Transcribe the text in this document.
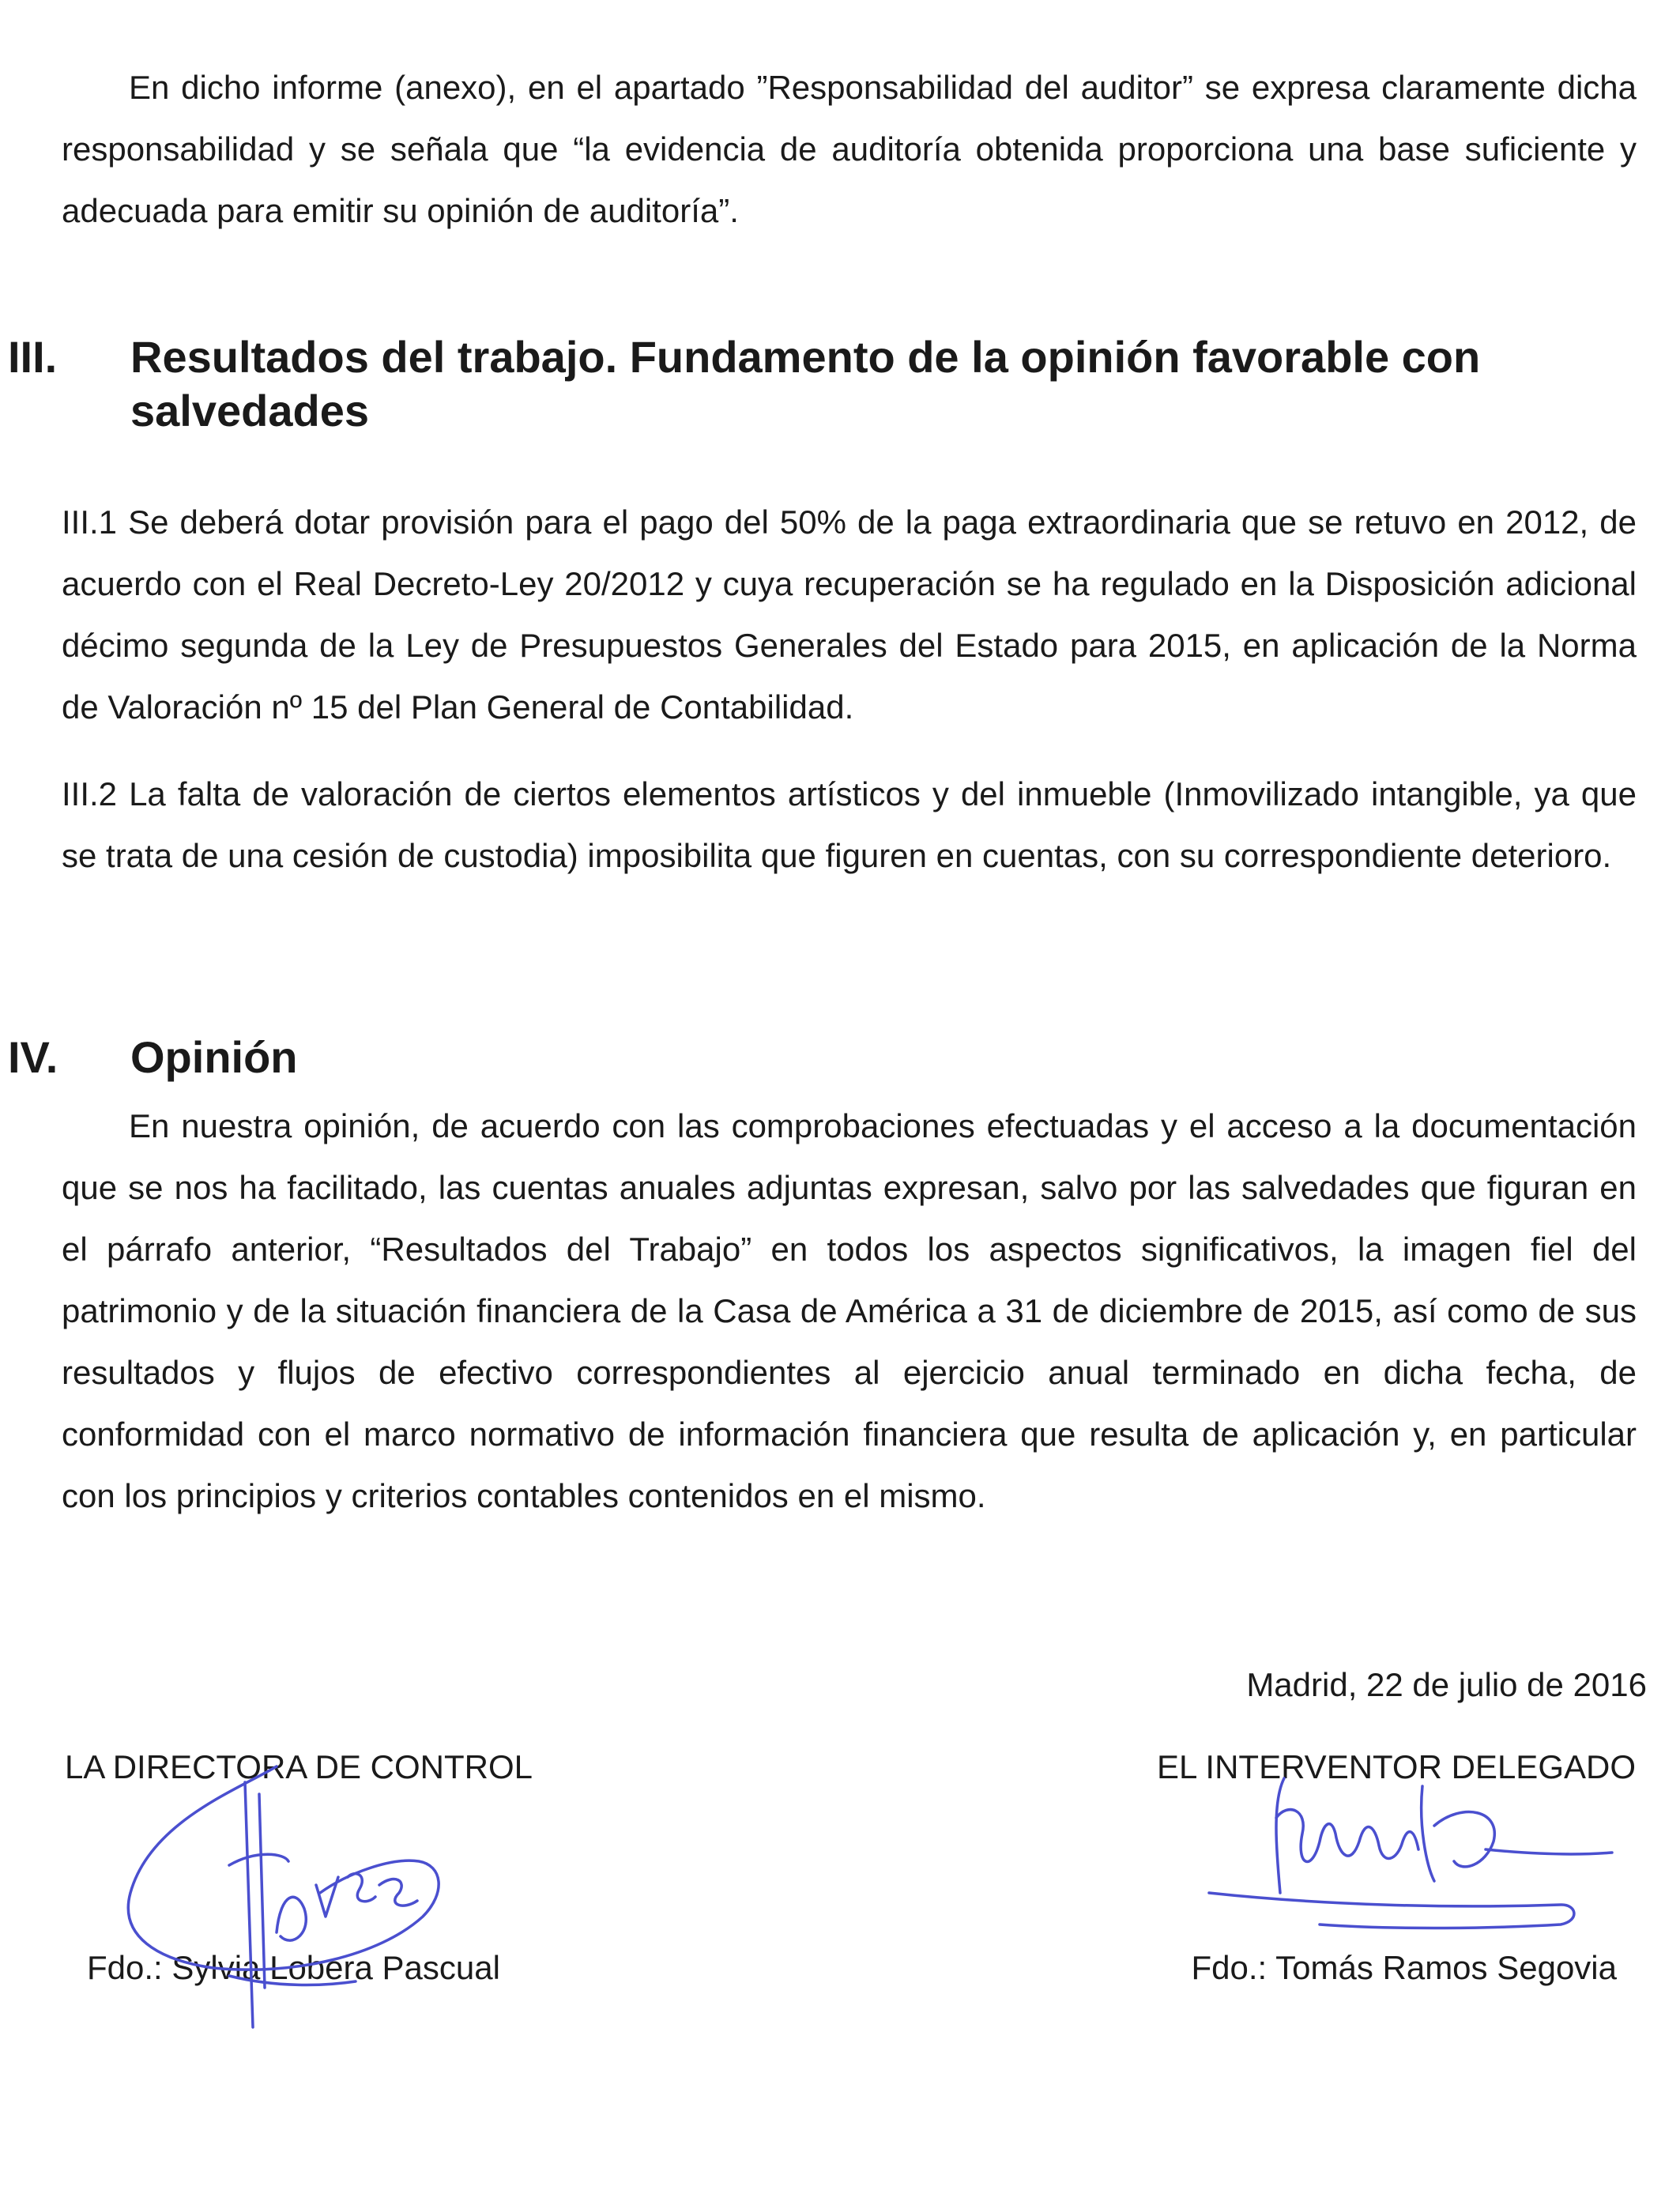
En dicho informe (anexo), en el apartado ”Responsabilidad del auditor” se expresa claramente dicha responsabilidad y se señala que “la evidencia de auditoría obtenida proporciona una base suficiente y adecuada para emitir su opinión de auditoría”.
III. Resultados del trabajo. Fundamento de la opinión favorable con salvedades
III.1 Se deberá dotar provisión para el pago del 50% de la paga extraordinaria que se retuvo en 2012, de acuerdo con el Real Decreto-Ley 20/2012 y cuya recuperación se ha regulado en la Disposición adicional décimo segunda de la Ley de Presupuestos Generales del Estado para 2015, en aplicación de la Norma de Valoración nº 15 del Plan General de Contabilidad.
III.2 La falta de valoración de ciertos elementos artísticos y del inmueble (Inmovilizado intangible, ya que se trata de una cesión de custodia) imposibilita que figuren en cuentas, con su correspondiente deterioro.
IV. Opinión
En nuestra opinión, de acuerdo con las comprobaciones efectuadas y el acceso a la documentación que se nos ha facilitado, las cuentas anuales adjuntas expresan, salvo por las salvedades que figuran en el párrafo anterior, “Resultados del Trabajo” en todos los aspectos significativos, la imagen fiel del patrimonio y de la situación financiera de la Casa de América a 31 de diciembre de 2015, así como de sus resultados y flujos de efectivo correspondientes al ejercicio anual terminado en dicha fecha, de conformidad con el marco normativo de información financiera que resulta de aplicación y, en particular con los principios y criterios contables contenidos en el mismo.
Madrid, 22 de julio de 2016
LA DIRECTORA DE CONTROL
Fdo.: Sylvia Lobera Pascual
EL INTERVENTOR DELEGADO
Fdo.: Tomás Ramos Segovia
